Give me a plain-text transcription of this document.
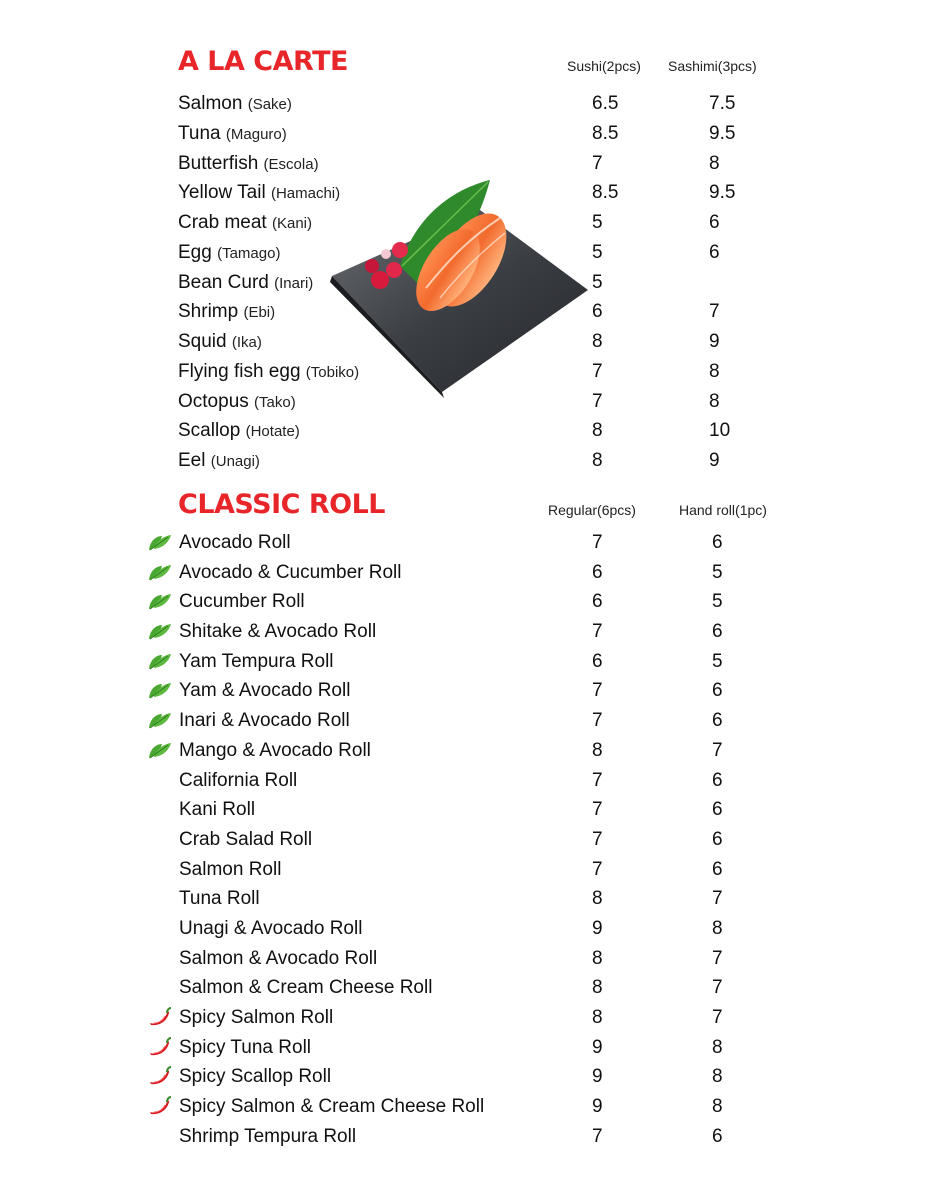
A LA CARTE	Sushi(2pcs) Sashimi(3pcs)
Salmon (Sake)	6.5	7.5
Tuna (Maguro)	8.5	9.5
Butterfish (Escola)	7	8
Yellow Tail (Hamachi)	8.5	9.5
Crab meat (Kani)	5	6
Egg (Tamago)	5	6
Bean Curd (Inari)	5
Shrimp (Ebi)	6	7
Squid (Ika)	8	9
Flying fish egg (Tobiko)	7	8
Octopus (Tako)	7	8
Scallop (Hotate)	8	10
Eel (Unagi)	8	9
CLASSIC ROLL	Regular(6pcs)	Hand roll(1pc)
Avocado Roll	7	6
Avocado & Cucumber Roll	6	5
Cucumber Roll	6	5
Shitake & Avocado Roll	7	6
Yam Tempura Roll	6	5
Yam & Avocado Roll	7	6
Inari & Avocado Roll	7	6
Mango & Avocado Roll	8	7
California Roll	7	6
Kani Roll	7	6
Crab Salad Roll	7	6
Salmon Roll	7	6
Tuna Roll	8	7
Unagi & Avocado Roll	9	8
Salmon & Avocado Roll	8	7
Salmon & Cream Cheese Roll	8	7
Spicy Salmon Roll	8	7
Spicy Tuna Roll	9	8
Spicy Scallop Roll	9	8
Spicy Salmon & Cream Cheese Roll	9	8
Shrimp Tempura Roll	7	6
